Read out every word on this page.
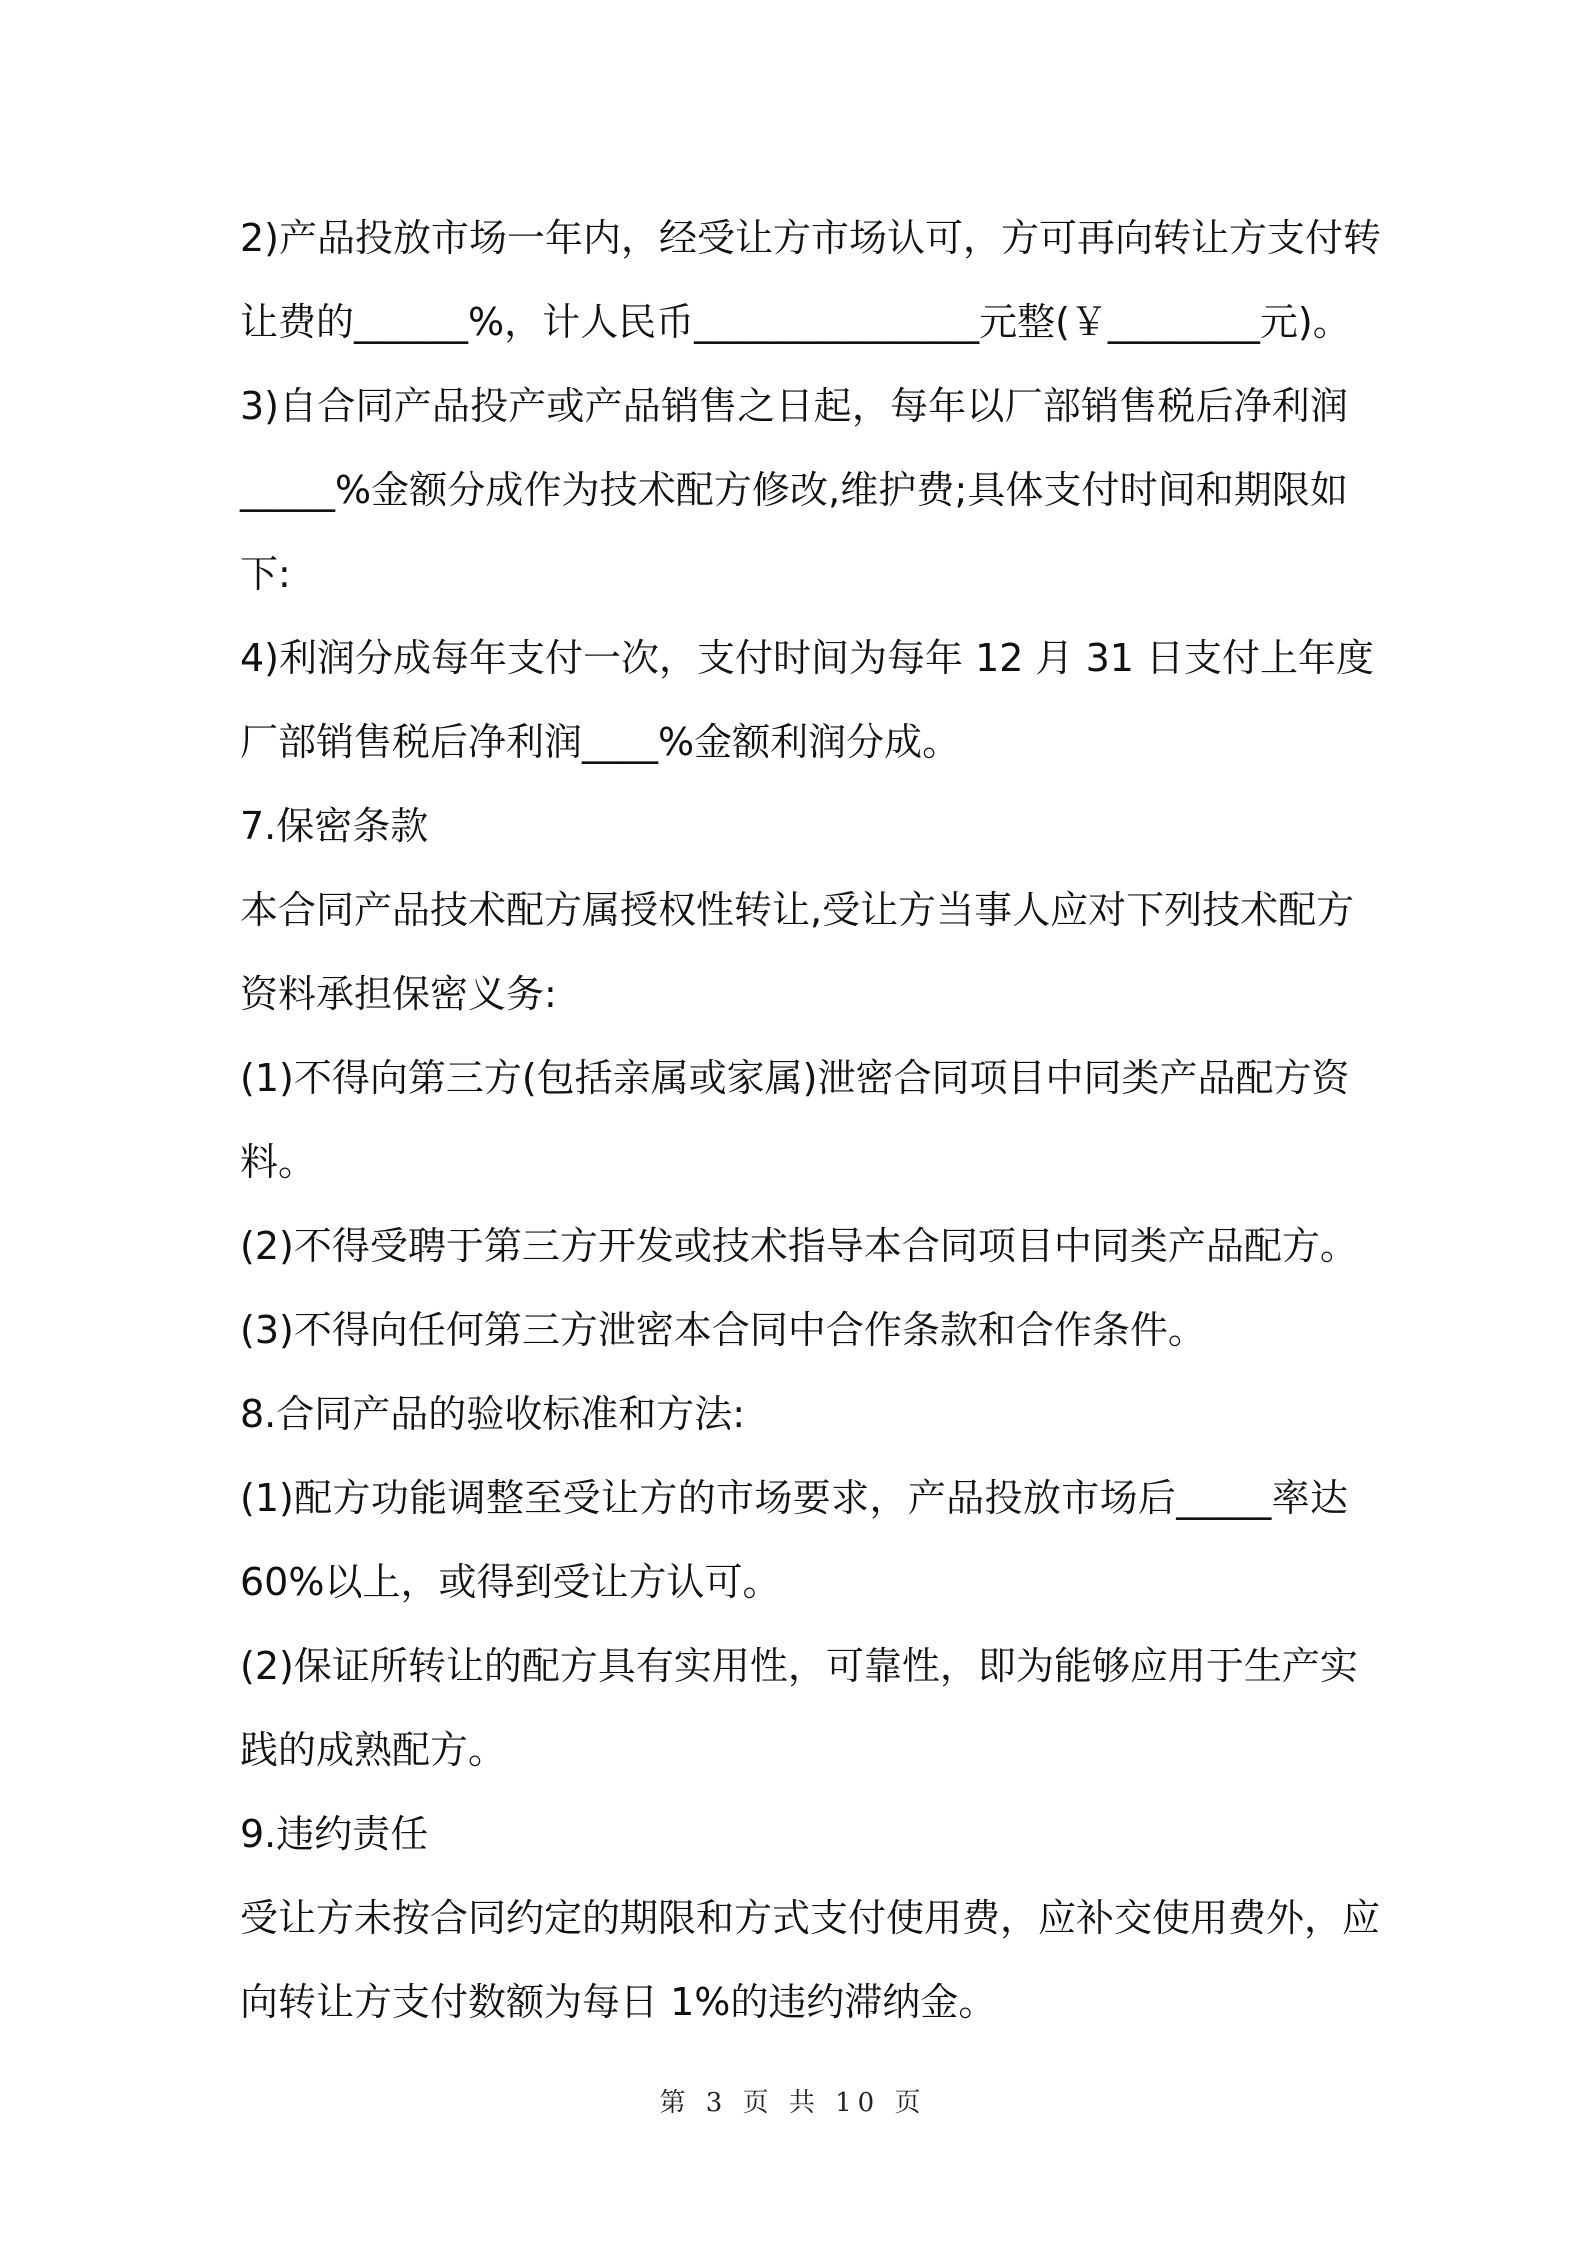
2)产品投放市场一年内，经受让方市场认可，方可再向转让方支付转
让费的______%，计人民币_______________元整(￥________元)。
3)自合同产品投产或产品销售之日起，每年以厂部销售税后净利润
_____%金额分成作为技术配方修改,维护费;具体支付时间和期限如
下:
4)利润分成每年支付一次，支付时间为每年 12 月 31 日支付上年度
厂部销售税后净利润____%金额利润分成。
7.保密条款
本合同产品技术配方属授权性转让,受让方当事人应对下列技术配方
资料承担保密义务:
(1)不得向第三方(包括亲属或家属)泄密合同项目中同类产品配方资
料。
(2)不得受聘于第三方开发或技术指导本合同项目中同类产品配方。
(3)不得向任何第三方泄密本合同中合作条款和合作条件。
8.合同产品的验收标准和方法:
(1)配方功能调整至受让方的市场要求，产品投放市场后_____率达
60%以上，或得到受让方认可。
(2)保证所转让的配方具有实用性，可靠性，即为能够应用于生产实
践的成熟配方。
9.违约责任
受让方未按合同约定的期限和方式支付使用费，应补交使用费外，应
向转让方支付数额为每日 1%的违约滞纳金。
第 3 页 共 10 页
